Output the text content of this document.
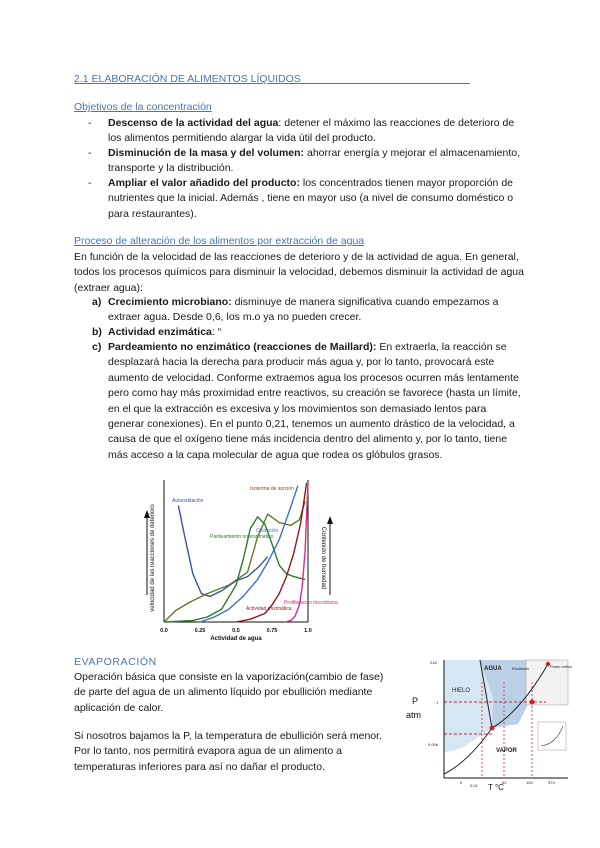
2.1 ELABORACIÓN DE ALIMENTOS LÍQUIDOS
Objetivos de la concentración
-	Descenso de la actividad del agua: detener el máximo las reacciones de deterioro de los alimentos permitiendo alargar la vida útil del producto.
-	Disminución de la masa y del volumen: ahorrar energía y mejorar el almacenamiento, transporte y la distribución.
-	Ampliar el valor añadido del producto: los concentrados tienen mayor proporción de nutrientes que la inicial. Además , tiene en mayor uso (a nivel de consumo doméstico o para restaurantes).
Proceso de alteración de los alimentos por extracción de agua
En función de la velocidad de las reacciones de deterioro y de la actividad de agua. En general, todos los procesos químicos para disminuir la velocidad, debemos disminuir la actividad de agua (extraer agua):
a) Crecimiento microbiano: disminuye de manera significativa cuando empezamos a extraer agua. Desde 0,6, los m.o ya no pueden crecer.
b) Actividad enzimática: “
c) Pardeamiento no enzimático (reacciones de Maillard): En extraerla, la reacción se desplazará hacia la derecha para producir más agua y, por lo tanto, provocará este aumento de velocidad. Conforme extraemos agua los procesos ocurren más lentamente pero como hay más proximidad entre reactivos, su creación se favorece (hasta un límite, en el que la extracción es excesiva y los movimientos son demasiado lentos para generar conexiones). En el punto 0,21, tenemos un aumento drástico de la velocidad, a causa de que el oxígeno tiene más incidencia dentro del alimento y, por lo tanto, tiene más acceso a la capa molecular de agua que rodea os glóbulos grasos.
velocidad de las reacciones de deterioro	Contenido de humedad
Actividad de agua
0.0	0.25	0.5	0.75	1.0
Autooxidación
Isoterma de sorción
Pardeamiento no enzimático
Oxidación
Actividad enzimática
Proliferación microbiana
EVAPORACIÓN
Operación básica que consiste en la vaporización(cambio de fase) de parte del agua de un alimento líquido por ebullición mediante aplicación de calor.
Si nosotros bajamos la P, la temperatura de ebullición será menor. Por lo tanto, nos permitirá evapora agua de un alimento a temperaturas inferiores para así no dañar el producto.
P
atm
T °C
HIELO
AGUA
VAPOR
Ebullición	Punto crítico
218
1
0.006
0
0.01
62	100	374
